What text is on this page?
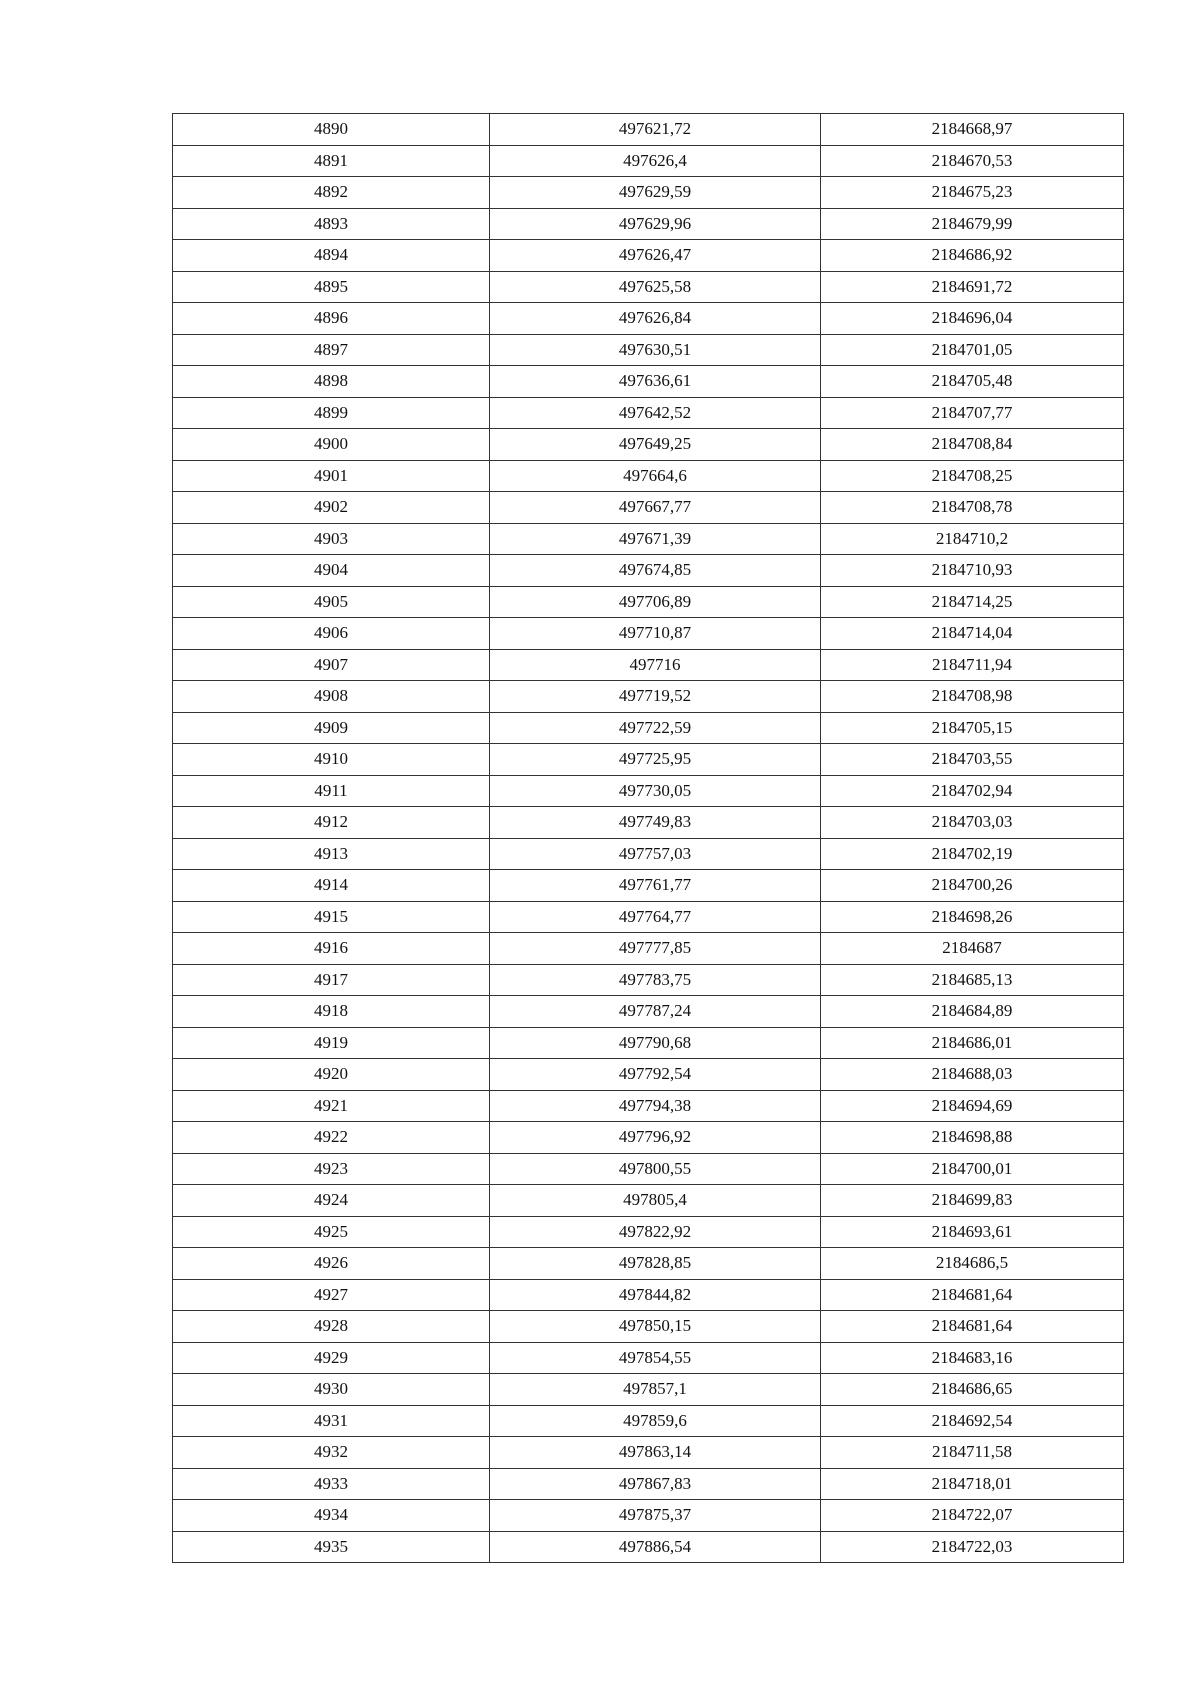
4890	497621,72	2184668,97
4891	497626,4	2184670,53
4892	497629,59	2184675,23
4893	497629,96	2184679,99
4894	497626,47	2184686,92
4895	497625,58	2184691,72
4896	497626,84	2184696,04
4897	497630,51	2184701,05
4898	497636,61	2184705,48
4899	497642,52	2184707,77
4900	497649,25	2184708,84
4901	497664,6	2184708,25
4902	497667,77	2184708,78
4903	497671,39	2184710,2
4904	497674,85	2184710,93
4905	497706,89	2184714,25
4906	497710,87	2184714,04
4907	497716	2184711,94
4908	497719,52	2184708,98
4909	497722,59	2184705,15
4910	497725,95	2184703,55
4911	497730,05	2184702,94
4912	497749,83	2184703,03
4913	497757,03	2184702,19
4914	497761,77	2184700,26
4915	497764,77	2184698,26
4916	497777,85	2184687
4917	497783,75	2184685,13
4918	497787,24	2184684,89
4919	497790,68	2184686,01
4920	497792,54	2184688,03
4921	497794,38	2184694,69
4922	497796,92	2184698,88
4923	497800,55	2184700,01
4924	497805,4	2184699,83
4925	497822,92	2184693,61
4926	497828,85	2184686,5
4927	497844,82	2184681,64
4928	497850,15	2184681,64
4929	497854,55	2184683,16
4930	497857,1	2184686,65
4931	497859,6	2184692,54
4932	497863,14	2184711,58
4933	497867,83	2184718,01
4934	497875,37	2184722,07
4935	497886,54	2184722,03
